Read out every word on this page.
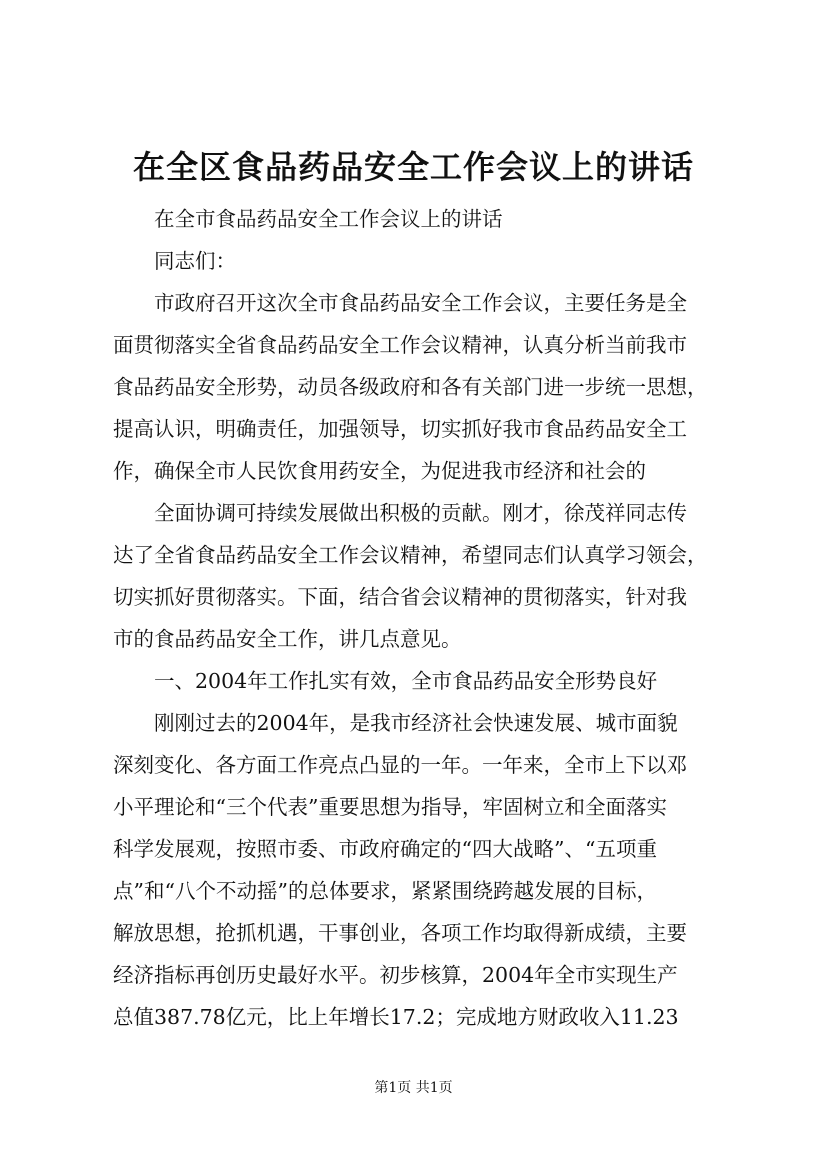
在全区食品药品安全工作会议上的讲话
在全市食品药品安全工作会议上的讲话
同志们：
市政府召开这次全市食品药品安全工作会议，主要任务是全
面贯彻落实全省食品药品安全工作会议精神，认真分析当前我市
食品药品安全形势，动员各级政府和各有关部门进一步统一思想，
提高认识，明确责任，加强领导，切实抓好我市食品药品安全工
作，确保全市人民饮食用药安全，为促进我市经济和社会的
全面协调可持续发展做出积极的贡献。刚才，徐茂祥同志传
达了全省食品药品安全工作会议精神，希望同志们认真学习领会，
切实抓好贯彻落实。下面，结合省会议精神的贯彻落实，针对我
市的食品药品安全工作，讲几点意见。
一、2004年工作扎实有效，全市食品药品安全形势良好
刚刚过去的2004年，是我市经济社会快速发展、城市面貌
深刻变化、各方面工作亮点凸显的一年。一年来，全市上下以邓
小平理论和“三个代表”重要思想为指导，牢固树立和全面落实
科学发展观，按照市委、市政府确定的“四大战略”、“五项重
点”和“八个不动摇”的总体要求，紧紧围绕跨越发展的目标，
解放思想，抢抓机遇，干事创业，各项工作均取得新成绩，主要
经济指标再创历史最好水平。初步核算，2004年全市实现生产
总值387.78亿元，比上年增长17.2；完成地方财政收入11.23
第1页 共1页
